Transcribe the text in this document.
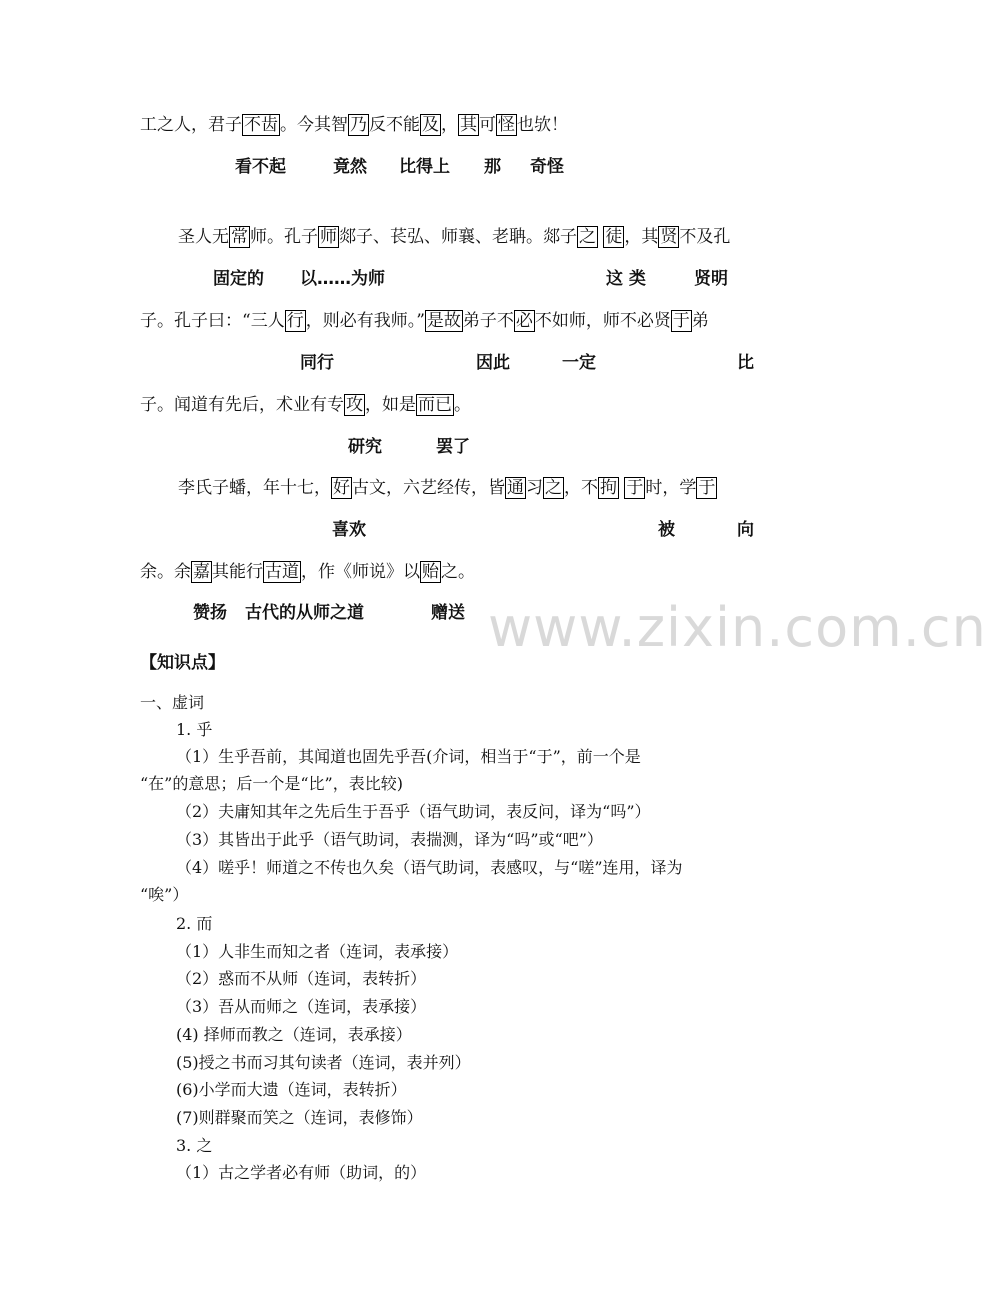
工之人，君子 不齿 。今其智 乃 反不能 及 ， 其 可 怪 也欤！
看不起	竟然 比得上 那 奇怪
圣人无 常 师。孔子 师 郯子、苌弘、师襄、老聃。郯子 之 徒 ，其 贤 不及孔
固定的 以……为师	这 类	贤明
子。孔子曰：“三人 行 ，则必有我师。” 是故 弟子不 必 不如师，师不必贤 于 弟
同行	因此	一定	比
子。闻道有先后，术业有专 攻 ，如是 而已 。
研究	罢了
李氏子蟠，年十七， 好 古文，六艺经传，皆 通 习 之 ，不 拘 于 时，学 于
喜欢	被	向
余。余 嘉 其能行 古道 ，作《师说》以 贻 之。
赞扬 古代的从师之道	赠送 www.zixin.com.cn
【知识点】
一、虚词
1. 乎
（1）生乎吾前，其闻道也固先乎吾(介词，相当于“于”，前一个是
“在”的意思；后一个是“比”，表比较)
（2）夫庸知其年之先后生于吾乎（语气助词，表反问，译为“吗”）
（3）其皆出于此乎（语气助词，表揣测，译为“吗”或“吧”）
（4）嗟乎！师道之不传也久矣（语气助词，表感叹，与“嗟”连用，译为
“唉”）
2. 而
（1）人非生而知之者（连词，表承接）
（2）惑而不从师（连词，表转折）
（3）吾从而师之（连词，表承接）
(4) 择师而教之（连词，表承接）
(5)授之书而习其句读者（连词，表并列）
(6)小学而大遗（连词，表转折）
(7)则群聚而笑之（连词，表修饰）
3. 之
（1）古之学者必有师（助词，的）
